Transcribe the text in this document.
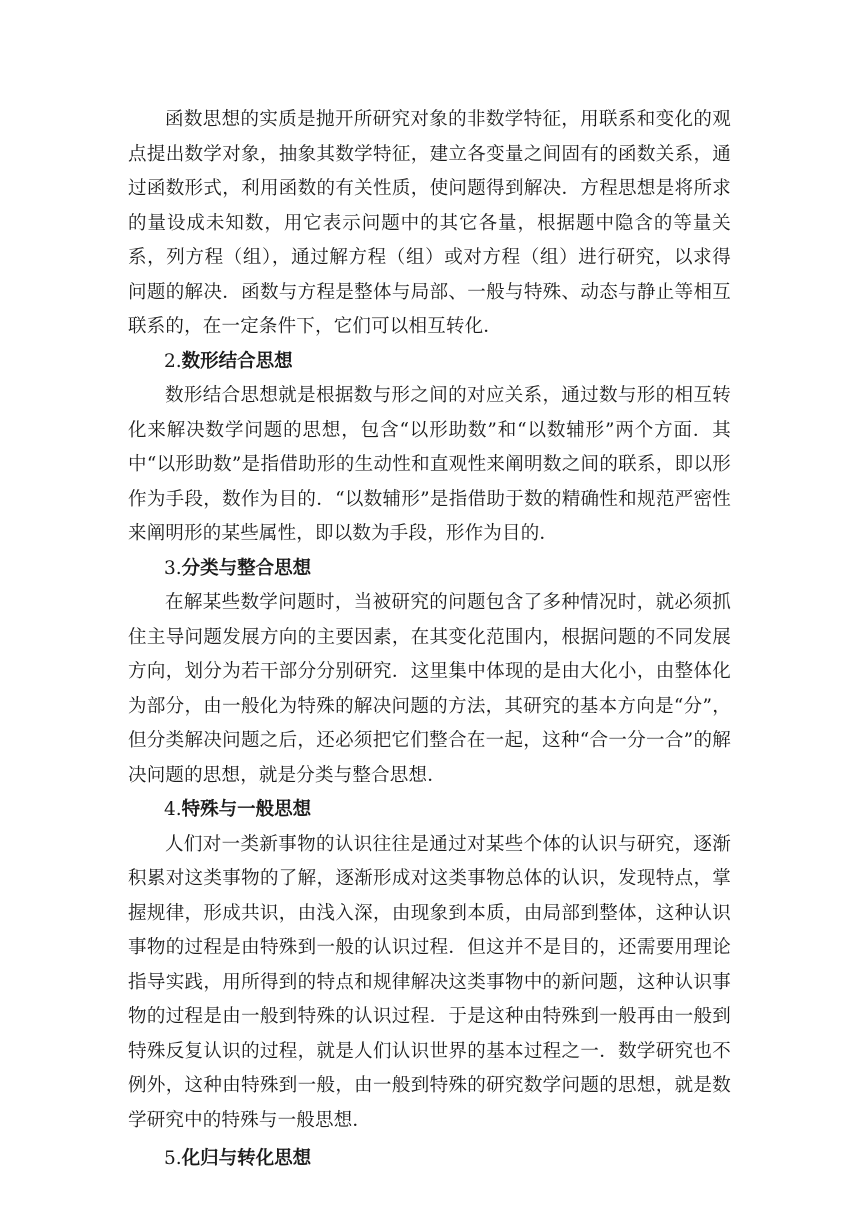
函数思想的实质是抛开所研究对象的非数学特征，用联系和变化的观点提出数学对象，抽象其数学特征，建立各变量之间固有的函数关系，通过函数形式，利用函数的有关性质，使问题得到解决．方程思想是将所求的量设成未知数，用它表示问题中的其它各量，根据题中隐含的等量关系，列方程（组），通过解方程（组）或对方程（组）进行研究，以求得问题的解决．函数与方程是整体与局部、一般与特殊、动态与静止等相互联系的，在一定条件下，它们可以相互转化．

2.数形结合思想

数形结合思想就是根据数与形之间的对应关系，通过数与形的相互转化来解决数学问题的思想，包含“以形助数”和“以数辅形”两个方面．其中“以形助数”是指借助形的生动性和直观性来阐明数之间的联系，即以形作为手段，数作为目的．“以数辅形”是指借助于数的精确性和规范严密性来阐明形的某些属性，即以数为手段，形作为目的．

3.分类与整合思想

在解某些数学问题时，当被研究的问题包含了多种情况时，就必须抓住主导问题发展方向的主要因素，在其变化范围内，根据问题的不同发展方向，划分为若干部分分别研究．这里集中体现的是由大化小，由整体化为部分，由一般化为特殊的解决问题的方法，其研究的基本方向是“分”，但分类解决问题之后，还必须把它们整合在一起，这种“合一分一合”的解决问题的思想，就是分类与整合思想．

4.特殊与一般思想

人们对一类新事物的认识往往是通过对某些个体的认识与研究，逐渐积累对这类事物的了解，逐渐形成对这类事物总体的认识，发现特点，掌握规律，形成共识，由浅入深，由现象到本质，由局部到整体，这种认识事物的过程是由特殊到一般的认识过程．但这并不是目的，还需要用理论指导实践，用所得到的特点和规律解决这类事物中的新问题，这种认识事物的过程是由一般到特殊的认识过程．于是这种由特殊到一般再由一般到特殊反复认识的过程，就是人们认识世界的基本过程之一．数学研究也不例外，这种由特殊到一般，由一般到特殊的研究数学问题的思想，就是数学研究中的特殊与一般思想．

5.化归与转化思想
